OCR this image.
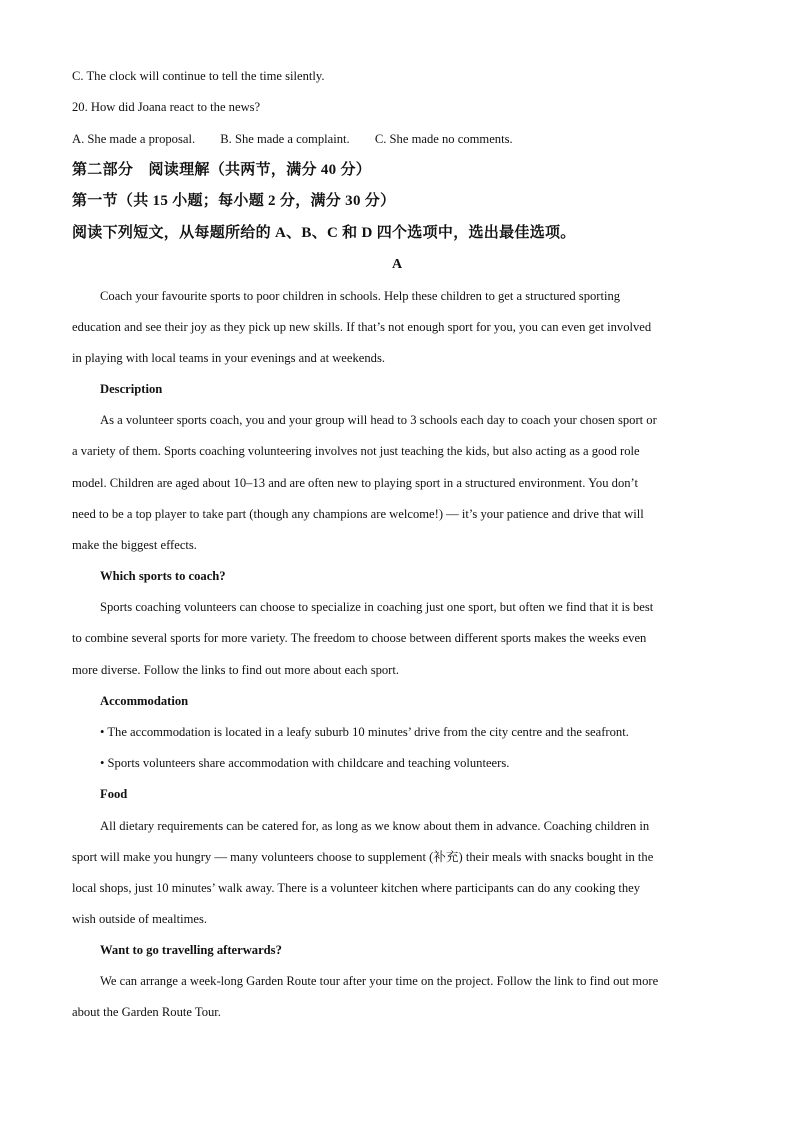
C. The clock will continue to tell the time silently.
20. How did Joana react to the news?
A. She made a proposal. B. She made a complaint. C. She made no comments.
第二部分　阅读理解（共两节，满分 40 分）
第一节（共 15 小题；每小题 2 分，满分 30 分）
阅读下列短文，从每题所给的 A、B、C 和 D 四个选项中，选出最佳选项。
A
Coach your favourite sports to poor children in schools. Help these children to get a structured sporting
education and see their joy as they pick up new skills. If that’s not enough sport for you, you can even get involved
in playing with local teams in your evenings and at weekends.
Description
As a volunteer sports coach, you and your group will head to 3 schools each day to coach your chosen sport or
a variety of them. Sports coaching volunteering involves not just teaching the kids, but also acting as a good role
model. Children are aged about 10–13 and are often new to playing sport in a structured environment. You don’t
need to be a top player to take part (though any champions are welcome!) — it’s your patience and drive that will
make the biggest effects.
Which sports to coach?
Sports coaching volunteers can choose to specialize in coaching just one sport, but often we find that it is best
to combine several sports for more variety. The freedom to choose between different sports makes the weeks even
more diverse. Follow the links to find out more about each sport.
Accommodation
• The accommodation is located in a leafy suburb 10 minutes’ drive from the city centre and the seafront.
• Sports volunteers share accommodation with childcare and teaching volunteers.
Food
All dietary requirements can be catered for, as long as we know about them in advance. Coaching children in
sport will make you hungry — many volunteers choose to supplement (补充) their meals with snacks bought in the
local shops, just 10 minutes’ walk away. There is a volunteer kitchen where participants can do any cooking they
wish outside of mealtimes.
Want to go travelling afterwards?
We can arrange a week-long Garden Route tour after your time on the project. Follow the link to find out more
about the Garden Route Tour.
